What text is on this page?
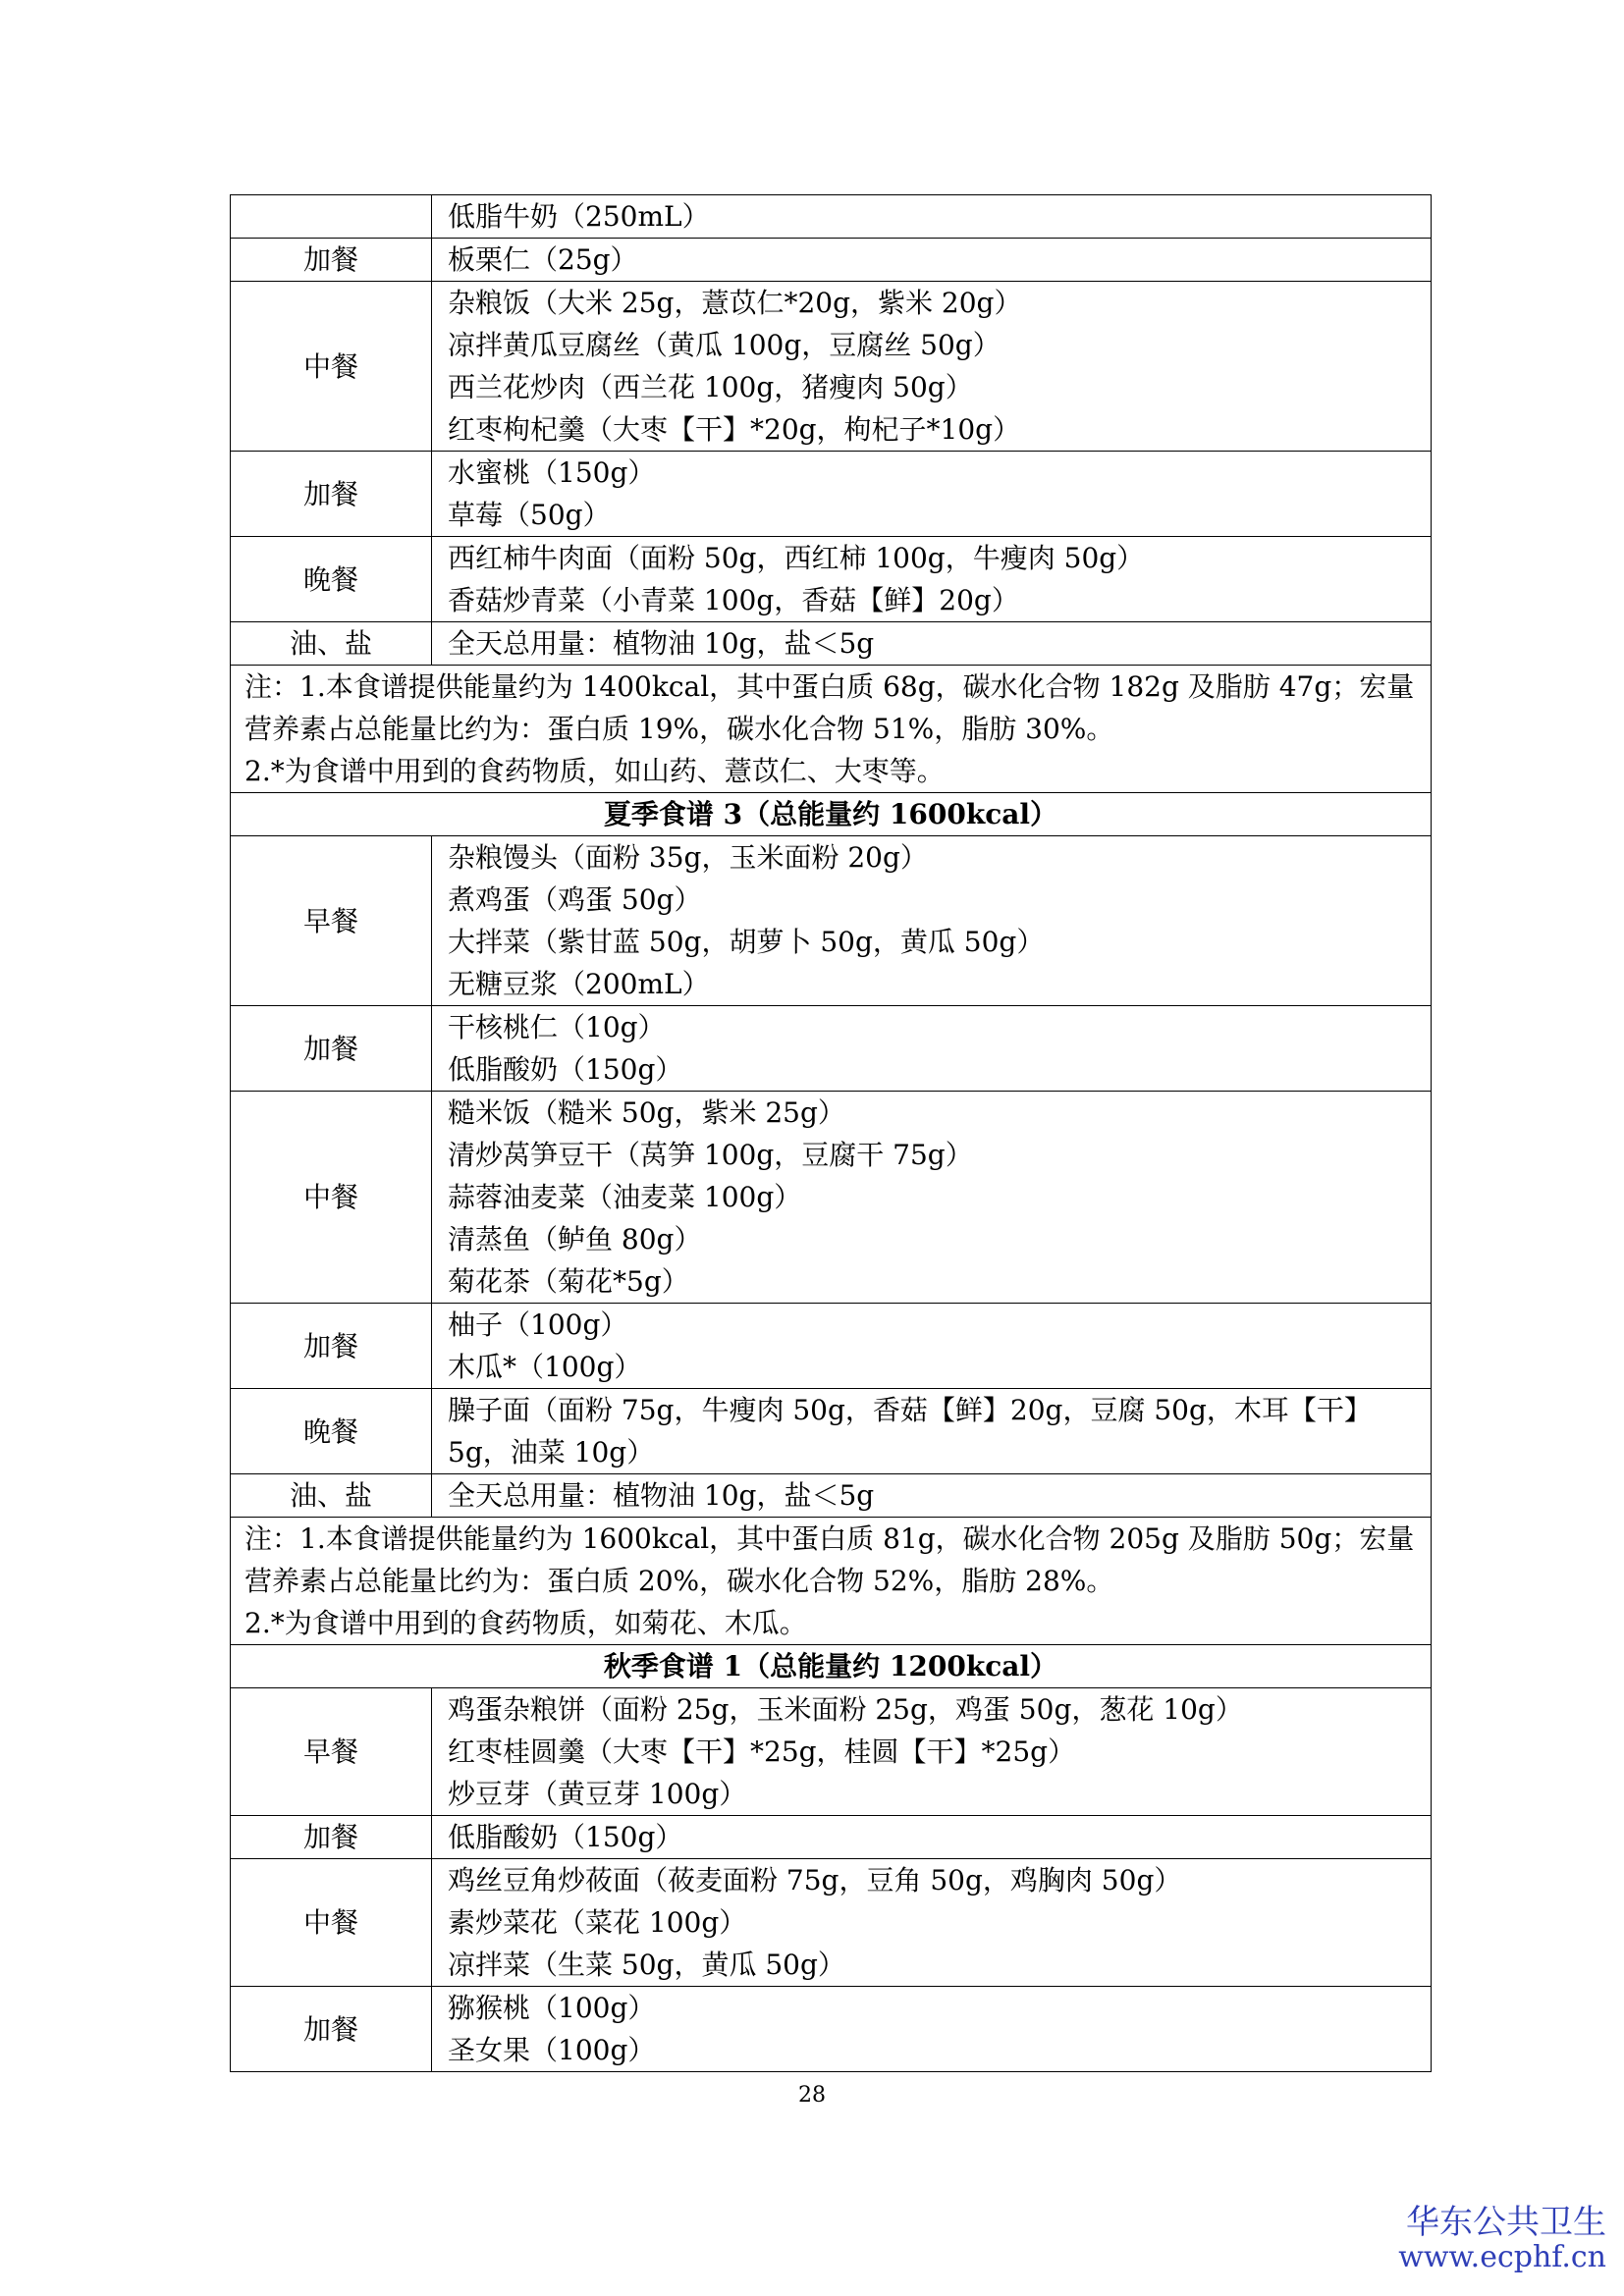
	低脂牛奶（250mL）

加餐	板栗仁（25g）

中餐	杂粮饭（大米 25g，薏苡仁*20g，紫米 20g）
凉拌黄瓜豆腐丝（黄瓜 100g，豆腐丝 50g）
西兰花炒肉（西兰花 100g，猪瘦肉 50g）
红枣枸杞羹（大枣【干】*20g，枸杞子*10g）

加餐	水蜜桃（150g）
草莓（50g）

晚餐	西红柿牛肉面（面粉 50g，西红柿 100g，牛瘦肉 50g）
香菇炒青菜（小青菜 100g，香菇【鲜】20g）

油、盐	全天总用量：植物油 10g，盐＜5g

注：1.本食谱提供能量约为 1400kcal，其中蛋白质 68g，碳水化合物 182g 及脂肪 47g；宏量营养素占总能量比约为：蛋白质 19%，碳水化合物 51%，脂肪 30%。
2.*为食谱中用到的食药物质，如山药、薏苡仁、大枣等。	

夏季食谱 3（总能量约 1600kcal）	
早餐	杂粮馒头（面粉 35g，玉米面粉 20g）
煮鸡蛋（鸡蛋 50g）
大拌菜（紫甘蓝 50g，胡萝卜 50g，黄瓜 50g）
无糖豆浆（200mL）

加餐	干核桃仁（10g）
低脂酸奶（150g）

中餐	糙米饭（糙米 50g，紫米 25g）
清炒莴笋豆干（莴笋 100g，豆腐干 75g）
蒜蓉油麦菜（油麦菜 100g）
清蒸鱼（鲈鱼 80g）
菊花茶（菊花*5g）

加餐	柚子（100g）
木瓜*（100g）

晚餐	臊子面（面粉 75g，牛瘦肉 50g，香菇【鲜】20g，豆腐 50g，木耳【干】5g，油菜 10g）

油、盐	全天总用量：植物油 10g，盐＜5g

注：1.本食谱提供能量约为 1600kcal，其中蛋白质 81g，碳水化合物 205g 及脂肪 50g；宏量营养素占总能量比约为：蛋白质 20%，碳水化合物 52%，脂肪 28%。
2.*为食谱中用到的食药物质，如菊花、木瓜。	

秋季食谱 1（总能量约 1200kcal）	
早餐	鸡蛋杂粮饼（面粉 25g，玉米面粉 25g，鸡蛋 50g，葱花 10g）
红枣桂圆羹（大枣【干】*25g，桂圆【干】*25g）
炒豆芽（黄豆芽 100g）

加餐	低脂酸奶（150g）

中餐	鸡丝豆角炒莜面（莜麦面粉 75g，豆角 50g，鸡胸肉 50g）
素炒菜花（菜花 100g）
凉拌菜（生菜 50g，黄瓜 50g）

加餐	猕猴桃（100g）
圣女果（100g）
28
华东公共卫生
www.ecphf.cn
